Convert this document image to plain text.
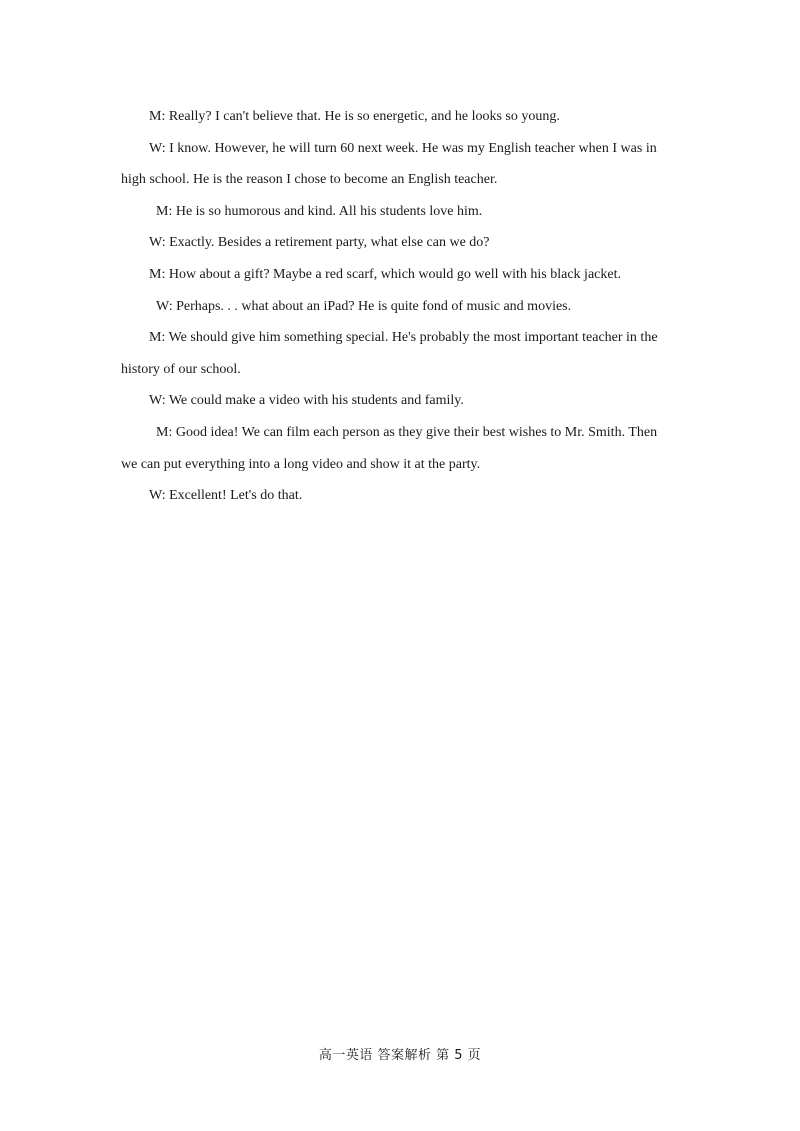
M: Really? I can't believe that. He is so energetic, and he looks so young.

W: I know. However, he will turn 60 next week. He was my English teacher when I was in high school. He is the reason I chose to become an English teacher.

M: He is so humorous and kind. All his students love him.

W: Exactly. Besides a retirement party, what else can we do?

M: How about a gift? Maybe a red scarf, which would go well with his black jacket.

W: Perhaps. . . what about an iPad? He is quite fond of music and movies.

M: We should give him something special. He's probably the most important teacher in the history of our school.

W: We could make a video with his students and family.

M: Good idea! We can film each person as they give their best wishes to Mr. Smith. Then we can put everything into a long video and show it at the party.

W: Excellent! Let's do that.

高一英语 答案解析 第 5 页
